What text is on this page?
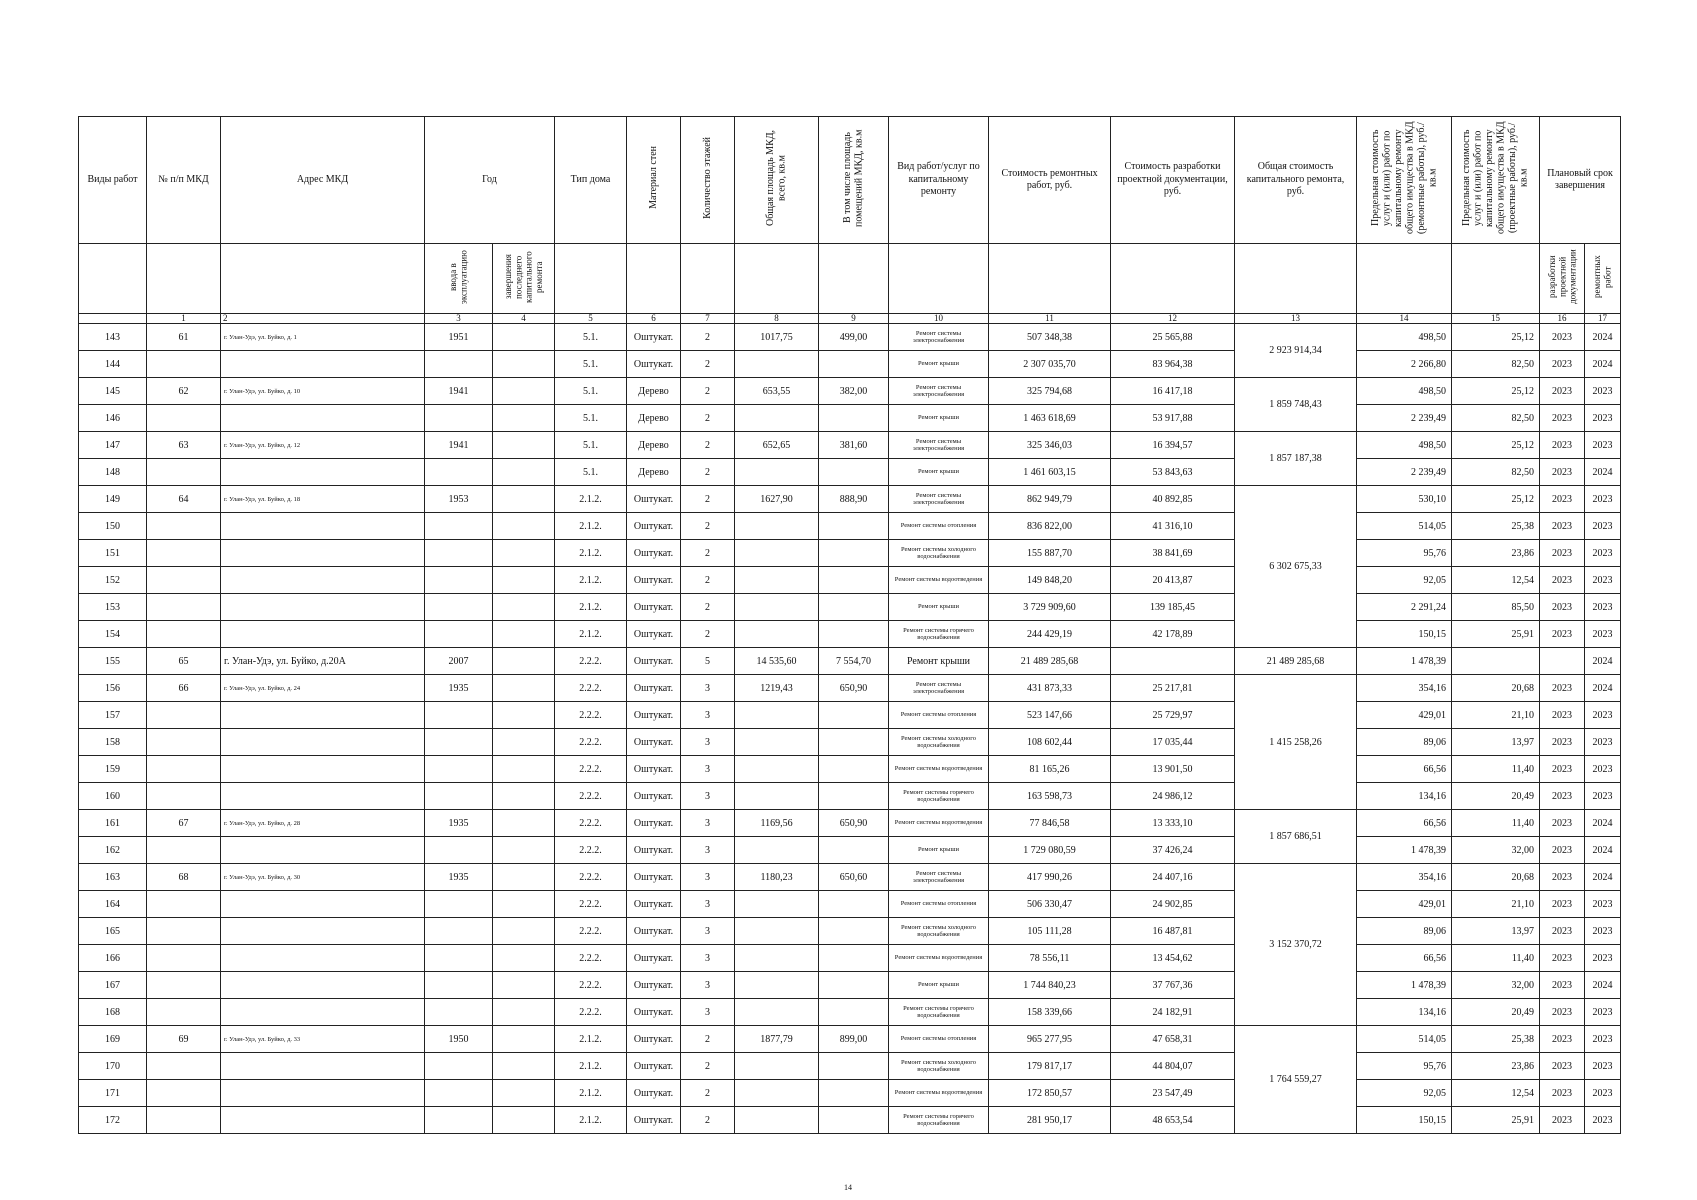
Виды работ	№ п/п МКД	Адрес МКД	Год		Тип дома	Материал стен	Количество этажей	Общая площадь МКД, всего, кв.м	В том числе площадь помещений МКД, кв.м	Вид работ/услуг по капитальному ремонту	Стоимость ремонтных работ, руб.	Стоимость разработки проектной документации, руб.	Общая стоимость капитального ремонта, руб.	Предельная стоимость услуг и (или) работ по капитальному ремонту общего имущества в МКД (ремонтные работы), руб./кв.м	Предельная стоимость услуг и (или) работ по капитальному ремонту общего имущества в МКД (проектные работы), руб./кв.м	Плановый срок завершения	
			ввода в эксплуатацию	завершения последнего капитального ремонта												разработки проектной документации	ремонтных работ
	1	2	3	4	5	6	7	8	9	10	11	12	13	14	15	16	17
143	61	г. Улан-Удэ, ул. Буйко, д. 1	1951		5.1.	Оштукат.	2	1017,75	499,00	Ремонт системы электроснабжения	507 348,38	25 565,88	2 923 914,34	498,50	25,12	2023	2024
144					5.1.	Оштукат.	2			Ремонт крыши	2 307 035,70	83 964,38		2 266,80	82,50	2023	2024
145	62	г. Улан-Удэ, ул. Буйко, д. 10	1941		5.1.	Дерево	2	653,55	382,00	Ремонт системы электроснабжения	325 794,68	16 417,18	1 859 748,43	498,50	25,12	2023	2023
146					5.1.	Дерево	2			Ремонт крыши	1 463 618,69	53 917,88		2 239,49	82,50	2023	2023
147	63	г. Улан-Удэ, ул. Буйко, д. 12	1941		5.1.	Дерево	2	652,65	381,60	Ремонт системы электроснабжения	325 346,03	16 394,57	1 857 187,38	498,50	25,12	2023	2023
148					5.1.	Дерево	2			Ремонт крыши	1 461 603,15	53 843,63		2 239,49	82,50	2023	2024
149	64	г. Улан-Удэ, ул. Буйко, д. 18	1953		2.1.2.	Оштукат.	2	1627,90	888,90	Ремонт системы электроснабжения	862 949,79	40 892,85	6 302 675,33	530,10	25,12	2023	2023
150					2.1.2.	Оштукат.	2			Ремонт системы отопления	836 822,00	41 316,10		514,05	25,38	2023	2023
151					2.1.2.	Оштукат.	2			Ремонт системы холодного водоснабжения	155 887,70	38 841,69		95,76	23,86	2023	2023
152					2.1.2.	Оштукат.	2			Ремонт системы водоотведения	149 848,20	20 413,87		92,05	12,54	2023	2023
153					2.1.2.	Оштукат.	2			Ремонт крыши	3 729 909,60	139 185,45		2 291,24	85,50	2023	2023
154					2.1.2.	Оштукат.	2			Ремонт системы горячего водоснабжения	244 429,19	42 178,89		150,15	25,91	2023	2023
155	65	г. Улан-Удэ, ул. Буйко, д.20А	2007		2.2.2.	Оштукат.	5	14 535,60	7 554,70	Ремонт крыши	21 489 285,68		21 489 285,68	1 478,39			2024
156	66	г. Улан-Удэ, ул. Буйко, д. 24	1935		2.2.2.	Оштукат.	3	1219,43	650,90	Ремонт системы электроснабжения	431 873,33	25 217,81	1 415 258,26	354,16	20,68	2023	2024
157					2.2.2.	Оштукат.	3			Ремонт системы отопления	523 147,66	25 729,97		429,01	21,10	2023	2023
158					2.2.2.	Оштукат.	3			Ремонт системы холодного водоснабжения	108 602,44	17 035,44		89,06	13,97	2023	2023
159					2.2.2.	Оштукат.	3			Ремонт системы водоотведения	81 165,26	13 901,50		66,56	11,40	2023	2023
160					2.2.2.	Оштукат.	3			Ремонт системы горячего водоснабжения	163 598,73	24 986,12		134,16	20,49	2023	2023
161	67	г. Улан-Удэ, ул. Буйко, д. 28	1935		2.2.2.	Оштукат.	3	1169,56	650,90	Ремонт системы водоотведения	77 846,58	13 333,10	1 857 686,51	66,56	11,40	2023	2024
162					2.2.2.	Оштукат.	3			Ремонт крыши	1 729 080,59	37 426,24		1 478,39	32,00	2023	2024
163	68	г. Улан-Удэ, ул. Буйко, д. 30	1935		2.2.2.	Оштукат.	3	1180,23	650,60	Ремонт системы электроснабжения	417 990,26	24 407,16	3 152 370,72	354,16	20,68	2023	2024
164					2.2.2.	Оштукат.	3			Ремонт системы отопления	506 330,47	24 902,85		429,01	21,10	2023	2023
165					2.2.2.	Оштукат.	3			Ремонт системы холодного водоснабжения	105 111,28	16 487,81		89,06	13,97	2023	2023
166					2.2.2.	Оштукат.	3			Ремонт системы водоотведения	78 556,11	13 454,62		66,56	11,40	2023	2023
167					2.2.2.	Оштукат.	3			Ремонт крыши	1 744 840,23	37 767,36		1 478,39	32,00	2023	2024
168					2.2.2.	Оштукат.	3			Ремонт системы горячего водоснабжения	158 339,66	24 182,91		134,16	20,49	2023	2023
169	69	г. Улан-Удэ, ул. Буйко, д. 33	1950		2.1.2.	Оштукат.	2	1877,79	899,00	Ремонт системы отопления	965 277,95	47 658,31	1 764 559,27	514,05	25,38	2023	2023
170					2.1.2.	Оштукат.	2			Ремонт системы холодного водоснабжения	179 817,17	44 804,07		95,76	23,86	2023	2023
171					2.1.2.	Оштукат.	2			Ремонт системы водоотведения	172 850,57	23 547,49		92,05	12,54	2023	2023
172					2.1.2.	Оштукат.	2			Ремонт системы горячего водоснабжения	281 950,17	48 653,54		150,15	25,91	2023	2023
14
